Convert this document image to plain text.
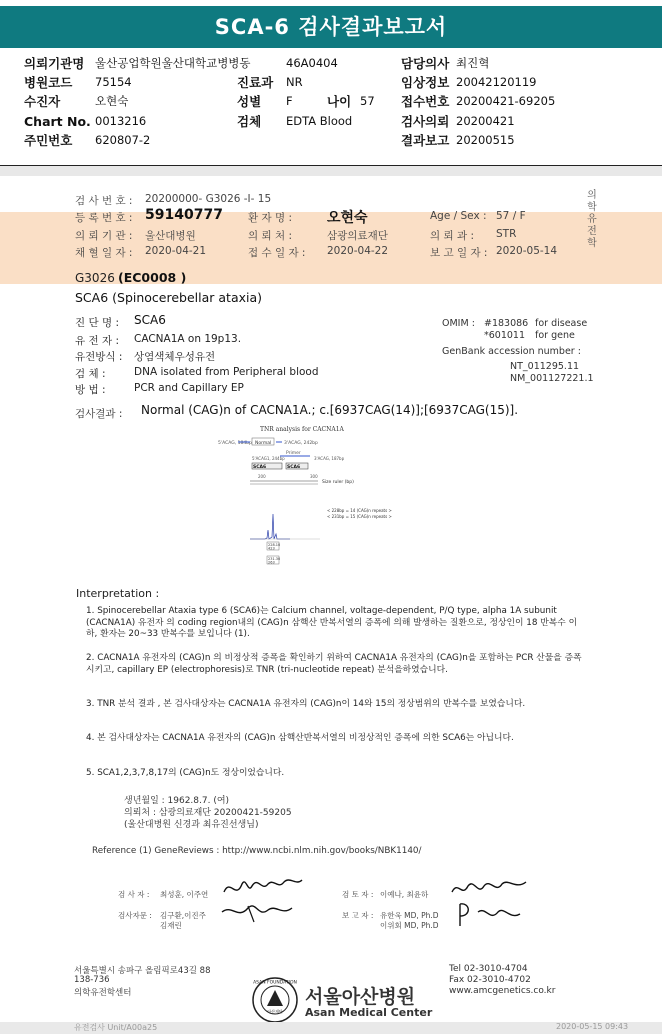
SCA-6 검사결과보고서
의뢰기관명 울산공업학원울산대학교병병동	46A0404	담당의사 최진혁
병원코드 75154	진료과 NR	임상정보 20042120119
수진자	오현숙	성별 F	나이 57 접수번호 20200421-69205
Chart No. 0013216	검체 EDTA Blood	검사의뢰 20200421
주민번호 620807-2	결과보고 20200515
검 사 번 호 : 20200000- G3026 -I- 15
등 록 번 호 : 59140777 환 자 명 :	오현숙	Age / Sex : 57 / F
의 뢰 기 관 : 울산대병원	의 뢰 처 :	삼광의료재단	의 뢰 과 : STR
채 혈 일 자 : 2020-04-21	접 수 일 자 : 2020-04-22	보 고 일 자 : 2020-05-14
의학유전학
G3026 (EC0008 )
SCA6 (Spinocerebellar ataxia)
진 단 명 : SCA6
유 전 자 : CACNA1A on 19p13.
유전방식 : 상염색체우성유전
검 체 :	DNA isolated from Peripheral blood
방 법 :	PCR and Capillary EP
OMIM : #183086 for disease
*601011 for gene
GenBank accession number :
NT_011295.11
NM_001127221.1
검사결과 : Normal (CAG)n of CACNA1A.; c.[6937CAG(14)];[6937CAG(15)].
TNR analysis for CACNA1A
5'ACAG, 184bp Normal	3'ACAG, 242bp
Primer
5'ACAG1, 244bp	3'ACAG, 187bp
SCA6	SCA6
200	300
Size ruler (bp)
< 228bp = 14 (CAG)n repeats >
< 231bp = 15 (CAG)n repeats >
228.10
423
231.30
263
Interpretation :
1. Spinocerebellar Ataxia type 6 (SCA6)는 Calcium channel, voltage-dependent, P/Q type, alpha 1A subunit (CACNA1A) 유전자 의 coding region내의 (CAG)n 삼핵산 반복서열의 증폭에 의해 발생하는 질환으로, 정상인이 18 반복수 이하, 환자는 20~33 반복수를 보입니다 (1).
2. CACNA1A 유전자의 (CAG)n 의 비정상적 증폭을 확인하기 위하여 CACNA1A 유전자의 (CAG)n을 포함하는 PCR 산물을 증폭시키고, capillary EP (electrophoresis)로 TNR (tri-nucleotide repeat) 분석을하였습니다.
3. TNR 분석 결과 , 본 검사대상자는 CACNA1A 유전자의 (CAG)n이 14와 15의 정상범위의 반복수를 보였습니다.
4. 본 검사대상자는 CACNA1A 유전자의 (CAG)n 삼핵산반복서열의 비정상적인 증폭에 의한 SCA6는 아닙니다.
5. SCA1,2,3,7,8,17의 (CAG)n도 정상이었습니다.
생년월일 : 1962.8.7. (여)
의뢰처 : 삼광의료재단 20200421-59205
(울산대병원 신경과 최유진선생님)
Reference (1) GeneReviews : http://www.ncbi.nlm.nih.gov/books/NBK1140/
검 사 자 : 최성훈, 이주연
검사자문 : 김구환,이진주
김재린
검 토 자 : 이예나, 최윤하
보 고 자 : 유한욱 MD, Ph.D
이위회 MD, Ph.D
서울특별시 송파구 올림픽로43길 88
138-736
의학유전학센터
ASAN FOUNDATION
아산재단
서울아산병원
Asan Medical Center
Tel 02-3010-4704
Fax 02-3010-4702
www.amcgenetics.co.kr
유전검사 Unit/A00a25	2020-05-15 09:43
